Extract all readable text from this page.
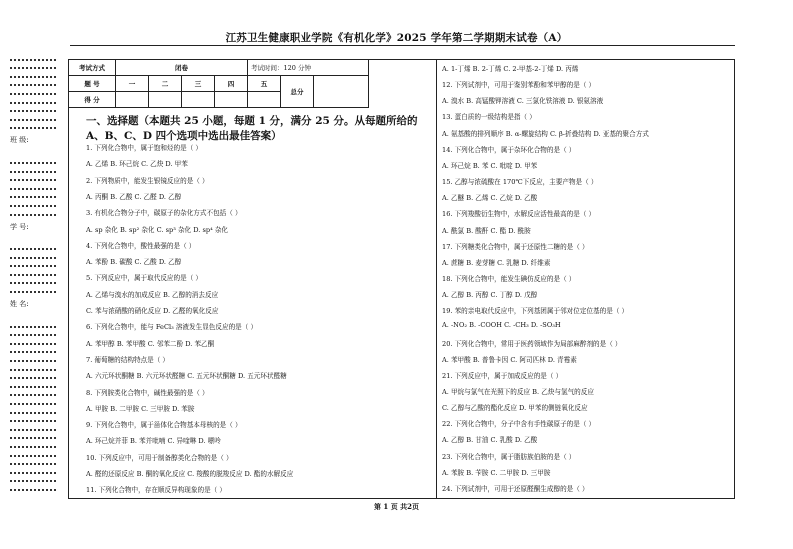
江苏卫生健康职业学院《有机化学》2025 学年第二学期期末试卷（A）
班 级:
学 号:
姓 名:
考试方式	闭卷				考试时间：120 分钟		
题 号	一	二	三	四	五	总分	
得 分							
一、选择题（本题共 25 小题，每题 1 分，满分 25 分。从每题所给的 A、B、C、D 四个选项中选出最佳答案）
1. 下列化合物中，属于饱和烃的是（ ）
A. 乙烯 B. 环己烷 C. 乙炔 D. 甲苯
2. 下列物质中，能发生银镜反应的是（ ）
A. 丙酮 B. 乙酸 C. 乙醛 D. 乙醇
3. 有机化合物分子中，碳原子的杂化方式不包括（ ）
A. sp 杂化 B. sp² 杂化 C. sp³ 杂化 D. sp⁴ 杂化
4. 下列化合物中，酸性最强的是（ ）
A. 苯酚 B. 碳酸 C. 乙酸 D. 乙醇
5. 下列反应中，属于取代反应的是（ ）
A. 乙烯与溴水的加成反应 B. 乙醇的消去反应
C. 苯与浓硝酸的硝化反应 D. 乙醛的氧化反应
6. 下列化合物中，能与 FeCl₃ 溶液发生显色反应的是（ ）
A. 苯甲醇 B. 苯甲酸 C. 邻苯二酚 D. 苯乙酮
7. 葡萄糖的结构特点是（ ）
A. 六元环状酮糖 B. 六元环状醛糖 C. 五元环状酮糖 D. 五元环状醛糖
8. 下列胺类化合物中，碱性最强的是（ ）
A. 甲胺 B. 二甲胺 C. 三甲胺 D. 苯胺
9. 下列化合物中，属于甾体化合物基本母核的是（ ）
A. 环己烷并菲 B. 苯并吡喃 C. 异喹啉 D. 嘌呤
10. 下列反应中，可用于制备醇类化合物的是（ ）
A. 醛的还原反应 B. 酮的氧化反应 C. 羧酸的脱羧反应 D. 酯的水解反应
11. 下列化合物中，存在顺反异构现象的是（ ）
A. 1-丁烯 B. 2-丁烯 C. 2-甲基-2-丁烯 D. 丙烯
12. 下列试剂中，可用于鉴别苯酚和苯甲醇的是（ ）
A. 溴水 B. 高锰酸钾溶液 C. 三氯化铁溶液 D. 银氨溶液
13. 蛋白质的一级结构是指（ ）
A. 氨基酸的排列顺序 B. α-螺旋结构 C. β-折叠结构 D. 亚基的聚合方式
14. 下列化合物中，属于杂环化合物的是（ ）
A. 环己烷 B. 苯 C. 吡啶 D. 甲苯
15. 乙醇与浓硫酸在 170℃下反应，主要产物是（ ）
A. 乙醚 B. 乙烯 C. 乙烷 D. 乙酸
16. 下列羧酸衍生物中，水解反应活性最高的是（ ）
A. 酰氯 B. 酸酐 C. 酯 D. 酰胺
17. 下列糖类化合物中，属于还原性二糖的是（ ）
A. 蔗糖 B. 麦芽糖 C. 乳糖 D. 纤维素
18. 下列化合物中，能发生碘仿反应的是（ ）
A. 乙醇 B. 丙醇 C. 丁醇 D. 戊醇
19. 苯的亲电取代反应中，下列基团属于邻对位定位基的是（ ）
A. -NO₂ B. -COOH C. -CH₃ D. -SO₃H
20. 下列化合物中，常用于医药领域作为局部麻醉剂的是（ ）
A. 苯甲酸 B. 普鲁卡因 C. 阿司匹林 D. 青霉素
21. 下列反应中，属于加成反应的是（ ）
A. 甲烷与氯气在光照下的反应 B. 乙炔与氢气的反应
C. 乙醇与乙酸的酯化反应 D. 甲苯的侧链氧化反应
22. 下列化合物中，分子中含有手性碳原子的是（ ）
A. 乙醇 B. 甘油 C. 乳酸 D. 乙酸
23. 下列化合物中，属于脂肪族伯胺的是（ ）
A. 苯胺 B. 苄胺 C. 二甲胺 D. 三甲胺
24. 下列试剂中，可用于还原醛酮生成醇的是（ ）
第 1 页 共2页
